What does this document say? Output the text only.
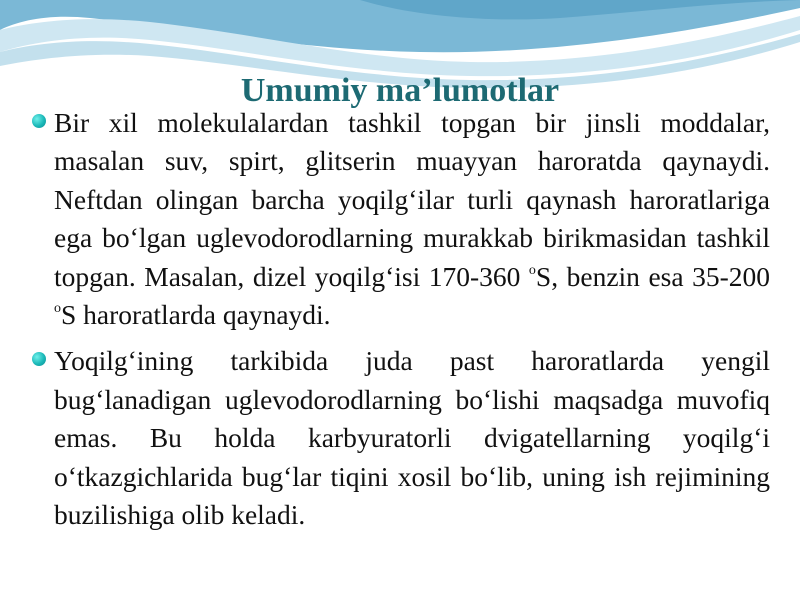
Umumiy ma’lumotlar

Bir xil molekulalardan tashkil topgan bir jinsli moddalar, masalan suv, spirt, glitserin muayyan haroratda qaynaydi. Neftdan olingan barcha yoqilg‘ilar turli qaynash haroratlariga ega bo‘lgan uglevodorodlarning murakkab birikmasidan tashkil topgan. Masalan, dizel yoqilg‘isi 170-360 $^o$S, benzin esa 35-200 $^o$S haroratlarda qaynaydi.

Yoqilg‘ining tarkibida juda past haroratlarda yengil bug‘lanadigan uglevodorodlarning bo‘lishi maqsadga muvofiq emas. Bu holda karbyuratorli dvigatellarning yoqilg‘i o‘tkazgichlarida bug‘lar tiqini xosil bo‘lib, uning ish rejimining buzilishiga olib keladi.
